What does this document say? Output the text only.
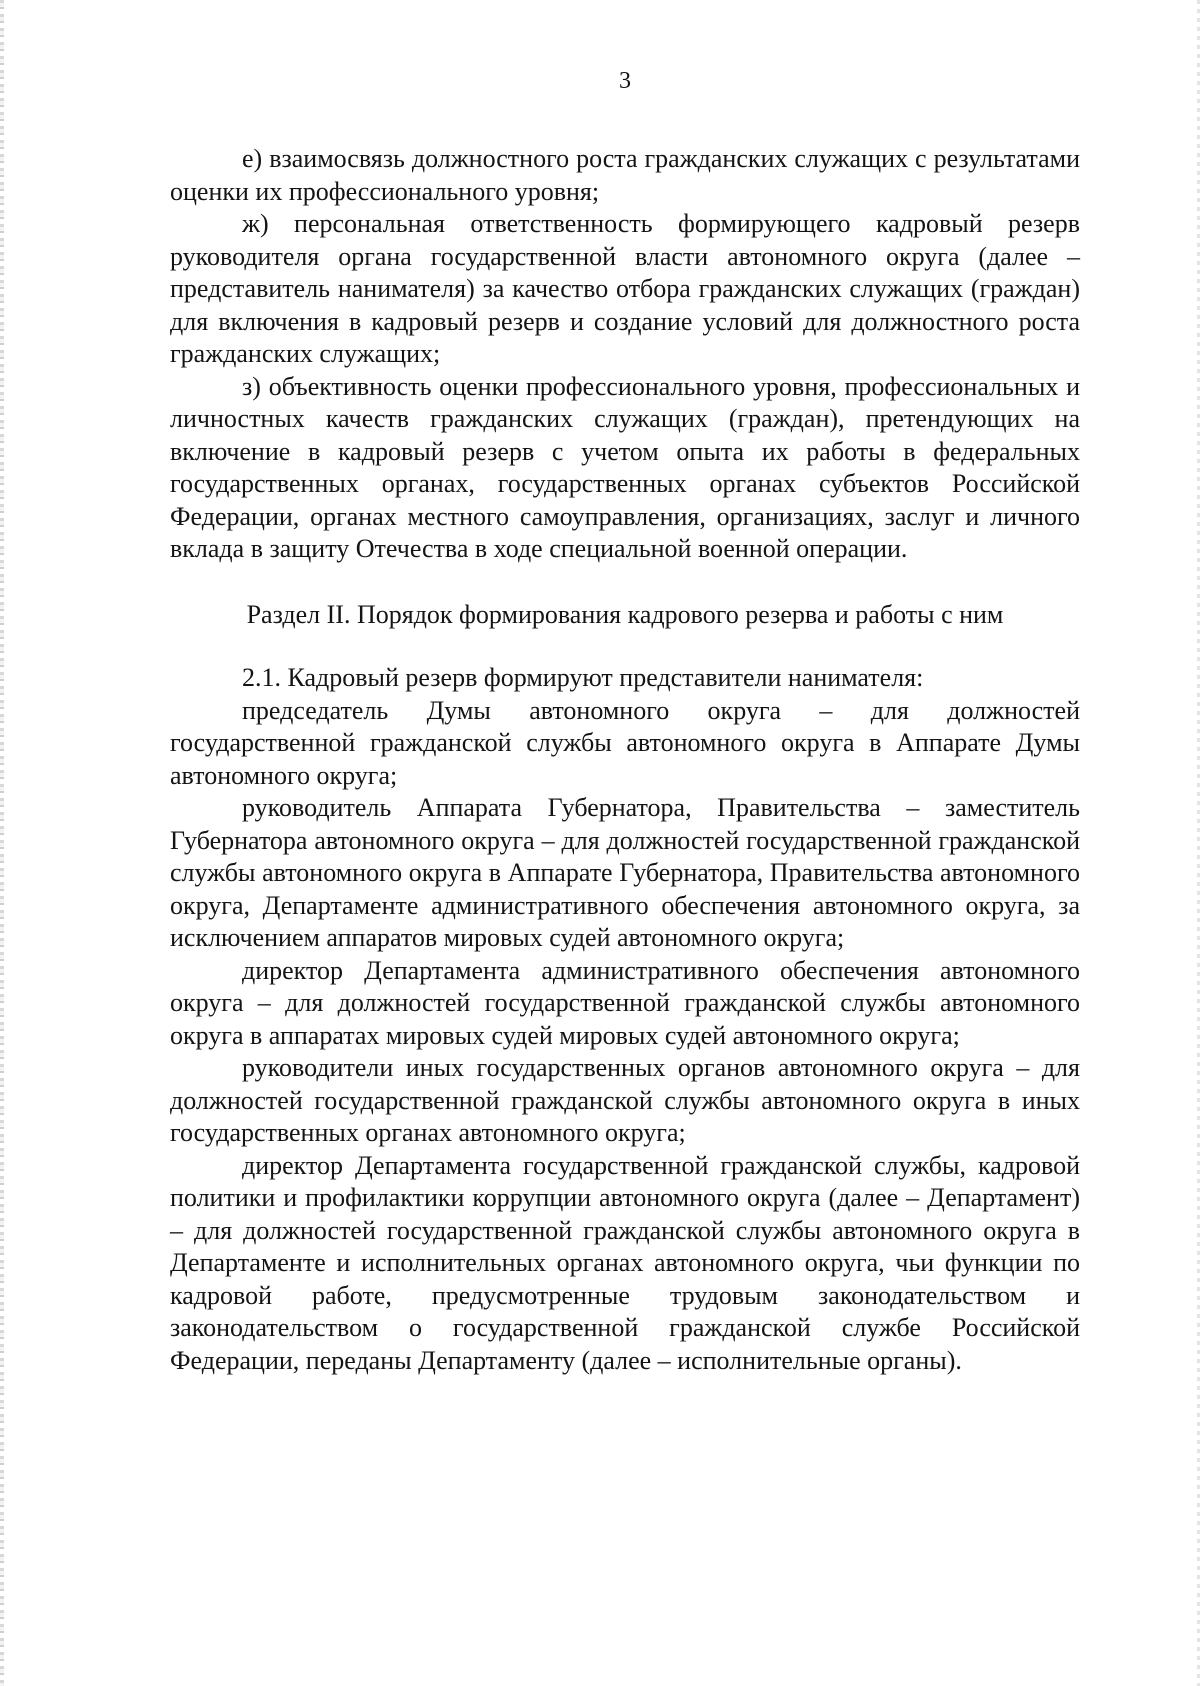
3

е) взаимосвязь должностного роста гражданских служащих с результатами оценки их профессионального уровня;

ж) персональная ответственность формирующего кадровый резерв руководителя органа государственной власти автономного округа (далее – представитель нанимателя) за качество отбора гражданских служащих (граждан) для включения в кадровый резерв и создание условий для должностного роста гражданских служащих;

з) объективность оценки профессионального уровня, профессиональных и личностных качеств гражданских служащих (граждан), претендующих на включение в кадровый резерв с учетом опыта их работы в федеральных государственных органах, государственных органах субъектов Российской Федерации, органах местного самоуправления, организациях, заслуг и личного вклада в защиту Отечества в ходе специальной военной операции.

Раздел II. Порядок формирования кадрового резерва и работы с ним

2.1. Кадровый резерв формируют представители нанимателя:

председатель Думы автономного округа – для должностей государственной гражданской службы автономного округа в Аппарате Думы автономного округа;

руководитель Аппарата Губернатора, Правительства – заместитель Губернатора автономного округа – для должностей государственной гражданской службы автономного округа в Аппарате Губернатора, Правительства автономного округа, Департаменте административного обеспечения автономного округа, за исключением аппаратов мировых судей автономного округа;

директор Департамента административного обеспечения автономного округа – для должностей государственной гражданской службы автономного округа в аппаратах мировых судей мировых судей автономного округа;

руководители иных государственных органов автономного округа – для должностей государственной гражданской службы автономного округа в иных государственных органах автономного округа;

директор Департамента государственной гражданской службы, кадровой политики и профилактики коррупции автономного округа (далее – Департамент) – для должностей государственной гражданской службы автономного округа в Департаменте и исполнительных органах автономного округа, чьи функции по кадровой работе, предусмотренные трудовым законодательством и законодательством о государственной гражданской службе Российской Федерации, переданы Департаменту (далее – исполнительные органы).
